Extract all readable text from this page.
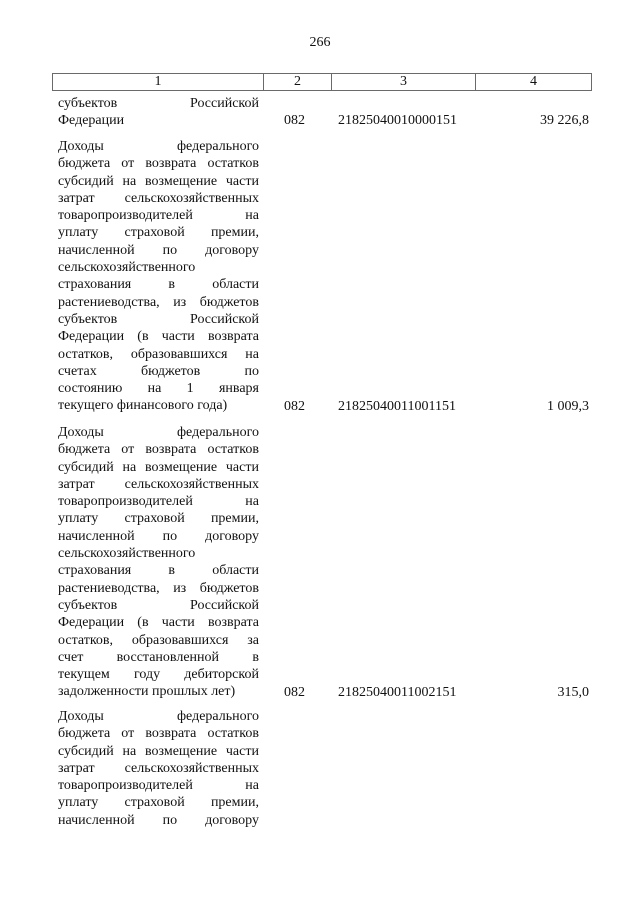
266
1	2	3	4
субъектов	Российской
Федерации	082 21825040010000151	39 226,8
Доходы	федерального
бюджета от возврата остатков
субсидий на возмещение части
затрат сельскохозяйственных
товаропроизводителей	на
уплату страховой премии,
начисленной по договору
сельскохозяйственного
страхования	в	области
растениеводства, из бюджетов
субъектов	Российской
Федерации (в части возврата
остатков, образовавшихся на
счетах	бюджетов	по
состоянию на 1 января
текущего финансового года)	082 21825040011001151	1 009,3
Доходы	федерального
бюджета от возврата остатков
субсидий на возмещение части
затрат сельскохозяйственных
товаропроизводителей	на
уплату страховой премии,
начисленной по договору
сельскохозяйственного
страхования	в	области
растениеводства, из бюджетов
субъектов	Российской
Федерации (в части возврата
остатков, образовавшихся за
счет восстановленной в
текущем году дебиторской
задолженности прошлых лет)	082 21825040011002151	315,0
Доходы	федерального
бюджета от возврата остатков
субсидий на возмещение части
затрат сельскохозяйственных
товаропроизводителей	на
уплату страховой премии,
начисленной по договору
